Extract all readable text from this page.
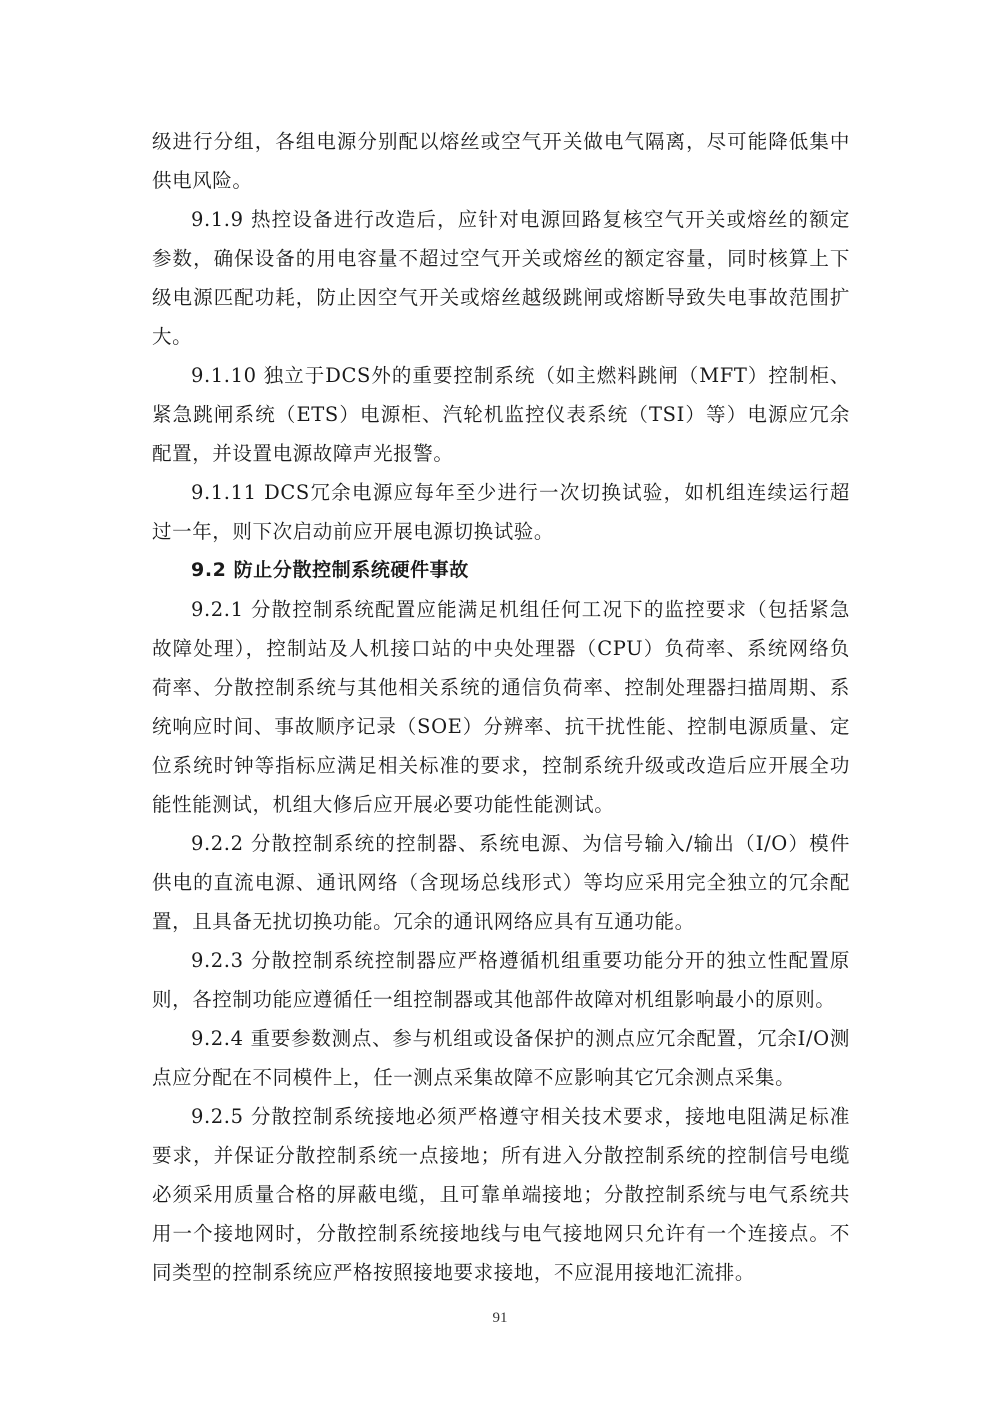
级进行分组，各组电源分别配以熔丝或空气开关做电气隔离，尽可能降低集中供电风险。

9.1.9 热控设备进行改造后，应针对电源回路复核空气开关或熔丝的额定参数，确保设备的用电容量不超过空气开关或熔丝的额定容量，同时核算上下级电源匹配功耗，防止因空气开关或熔丝越级跳闸或熔断导致失电事故范围扩大。

9.1.10 独立于DCS外的重要控制系统（如主燃料跳闸（MFT）控制柜、紧急跳闸系统（ETS）电源柜、汽轮机监控仪表系统（TSI）等）电源应冗余配置，并设置电源故障声光报警。

9.1.11 DCS冗余电源应每年至少进行一次切换试验，如机组连续运行超过一年，则下次启动前应开展电源切换试验。

9.2 防止分散控制系统硬件事故

9.2.1 分散控制系统配置应能满足机组任何工况下的监控要求（包括紧急故障处理），控制站及人机接口站的中央处理器（CPU）负荷率、系统网络负荷率、分散控制系统与其他相关系统的通信负荷率、控制处理器扫描周期、系统响应时间、事故顺序记录（SOE）分辨率、抗干扰性能、控制电源质量、定位系统时钟等指标应满足相关标准的要求，控制系统升级或改造后应开展全功能性能测试，机组大修后应开展必要功能性能测试。

9.2.2 分散控制系统的控制器、系统电源、为信号输入/输出（I/O）模件供电的直流电源、通讯网络（含现场总线形式）等均应采用完全独立的冗余配置，且具备无扰切换功能。冗余的通讯网络应具有互通功能。

9.2.3 分散控制系统控制器应严格遵循机组重要功能分开的独立性配置原则，各控制功能应遵循任一组控制器或其他部件故障对机组影响最小的原则。

9.2.4 重要参数测点、参与机组或设备保护的测点应冗余配置，冗余I/O测点应分配在不同模件上，任一测点采集故障不应影响其它冗余测点采集。

9.2.5 分散控制系统接地必须严格遵守相关技术要求，接地电阻满足标准要求，并保证分散控制系统一点接地；所有进入分散控制系统的控制信号电缆必须采用质量合格的屏蔽电缆，且可靠单端接地；分散控制系统与电气系统共用一个接地网时，分散控制系统接地线与电气接地网只允许有一个连接点。不同类型的控制系统应严格按照接地要求接地，不应混用接地汇流排。

91
